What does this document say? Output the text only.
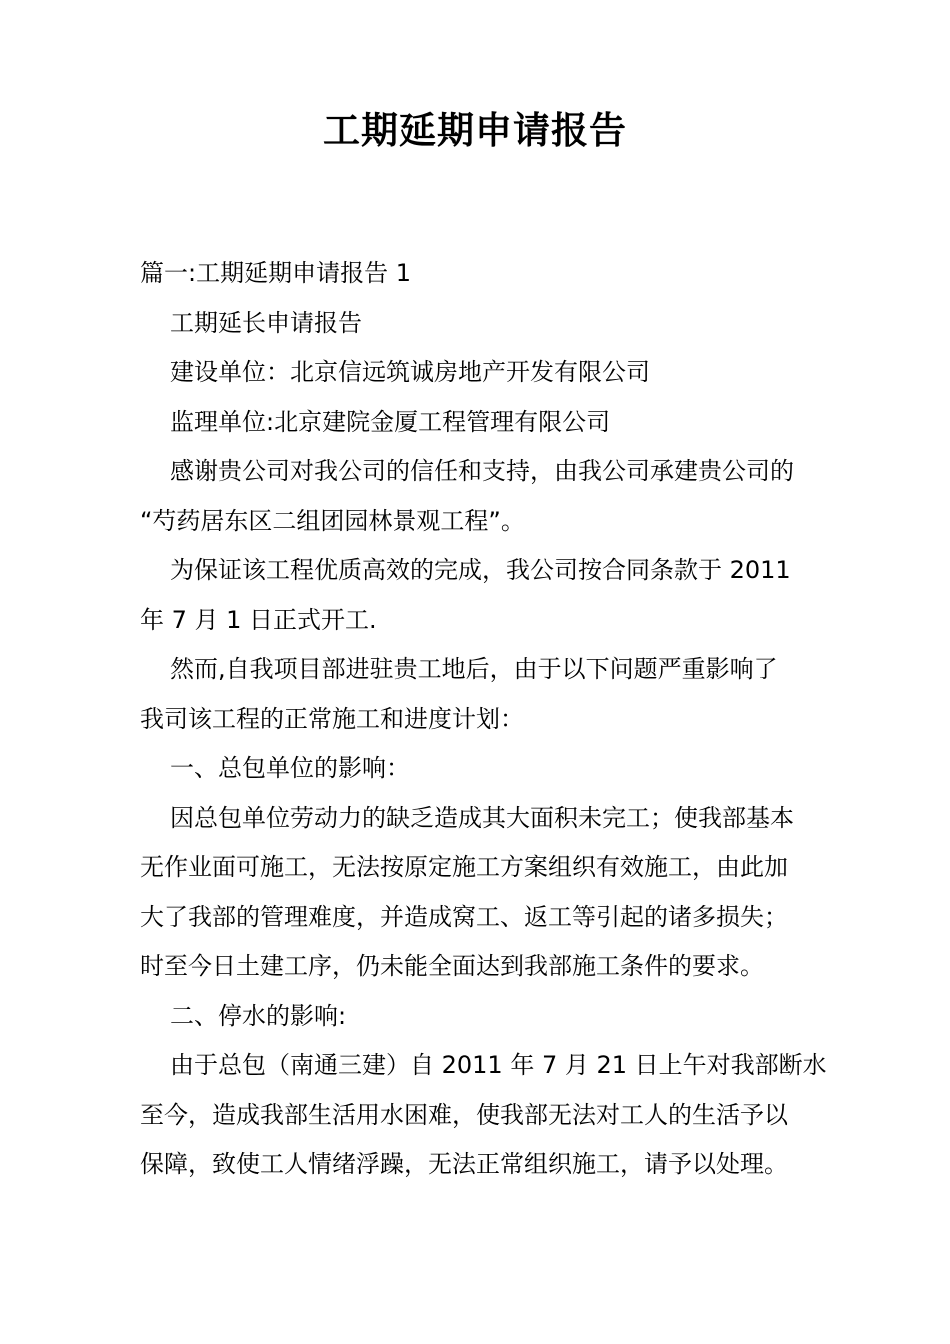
工期延期申请报告
篇一:工期延期申请报告 1
工期延长申请报告
建设单位：北京信远筑诚房地产开发有限公司
监理单位:北京建院金厦工程管理有限公司
感谢贵公司对我公司的信任和支持，由我公司承建贵公司的
“芍药居东区二组团园林景观工程”。
为保证该工程优质高效的完成，我公司按合同条款于 2011
年 7 月 1 日正式开工.
然而,自我项目部进驻贵工地后，由于以下问题严重影响了
我司该工程的正常施工和进度计划：
一、总包单位的影响：
因总包单位劳动力的缺乏造成其大面积未完工；使我部基本
无作业面可施工，无法按原定施工方案组织有效施工，由此加
大了我部的管理难度，并造成窝工、返工等引起的诸多损失；
时至今日土建工序，仍未能全面达到我部施工条件的要求。
二、停水的影响:
由于总包（南通三建）自 2011 年 7 月 21 日上午对我部断水
至今，造成我部生活用水困难，使我部无法对工人的生活予以
保障，致使工人情绪浮躁，无法正常组织施工，请予以处理。
